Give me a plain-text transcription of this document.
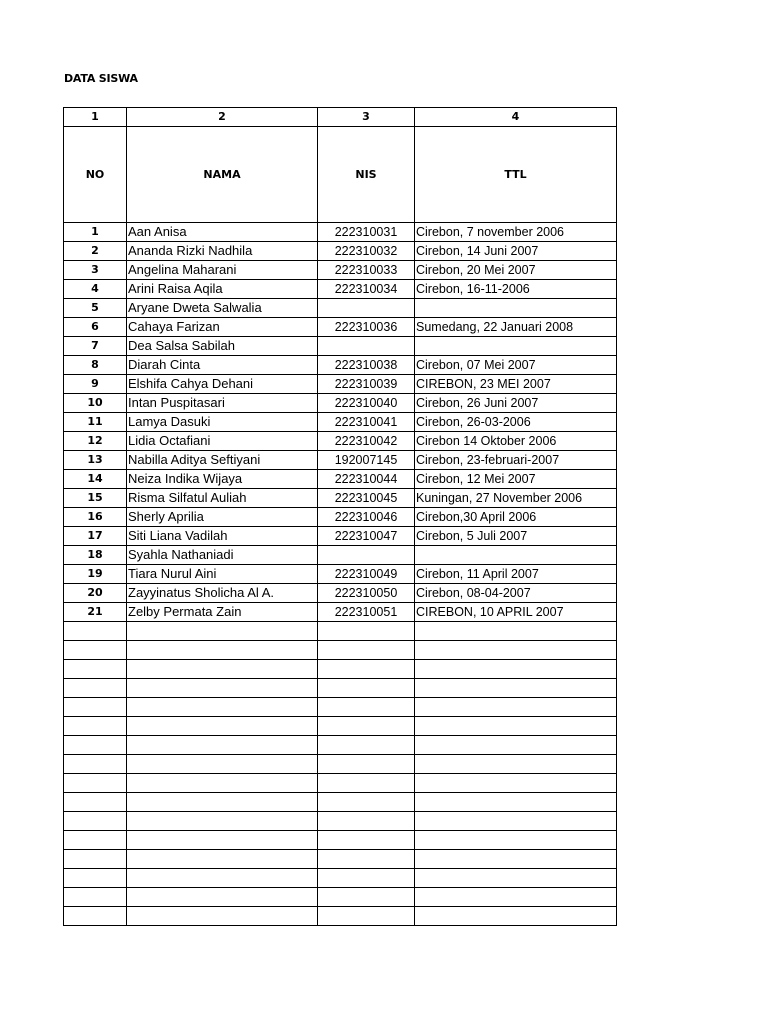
DATA SISWA
1	2	3	4
NO	NAMA	NIS	TTL
1	Aan Anisa	222310031	Cirebon, 7 november 2006
2	Ananda Rizki Nadhila	222310032	Cirebon, 14 Juni 2007
3	Angelina Maharani	222310033	Cirebon, 20 Mei 2007
4	Arini Raisa Aqila	222310034	Cirebon, 16-11-2006
5	Aryane Dweta Salwalia		
6	Cahaya Farizan	222310036	Sumedang, 22 Januari 2008
7	Dea Salsa Sabilah		
8	Diarah Cinta	222310038	Cirebon, 07 Mei 2007
9	Elshifa Cahya Dehani	222310039	CIREBON, 23 MEI 2007
10	Intan Puspitasari	222310040	Cirebon, 26 Juni 2007
11	Lamya Dasuki	222310041	Cirebon, 26-03-2006
12	Lidia Octafiani	222310042	Cirebon 14 Oktober 2006
13	Nabilla Aditya Seftiyani	192007145	Cirebon, 23-februari-2007
14	Neiza Indika Wijaya	222310044	Cirebon, 12 Mei 2007
15	Risma Silfatul Auliah	222310045	Kuningan, 27 November 2006
16	Sherly Aprilia	222310046	Cirebon,30 April 2006
17	Siti Liana Vadilah	222310047	Cirebon, 5 Juli 2007
18	Syahla Nathaniadi		
19	Tiara Nurul Aini	222310049	Cirebon, 11 April 2007
20	Zayyinatus Sholicha Al A.	222310050	Cirebon, 08-04-2007
21	Zelby Permata Zain	222310051	CIREBON, 10 APRIL 2007
